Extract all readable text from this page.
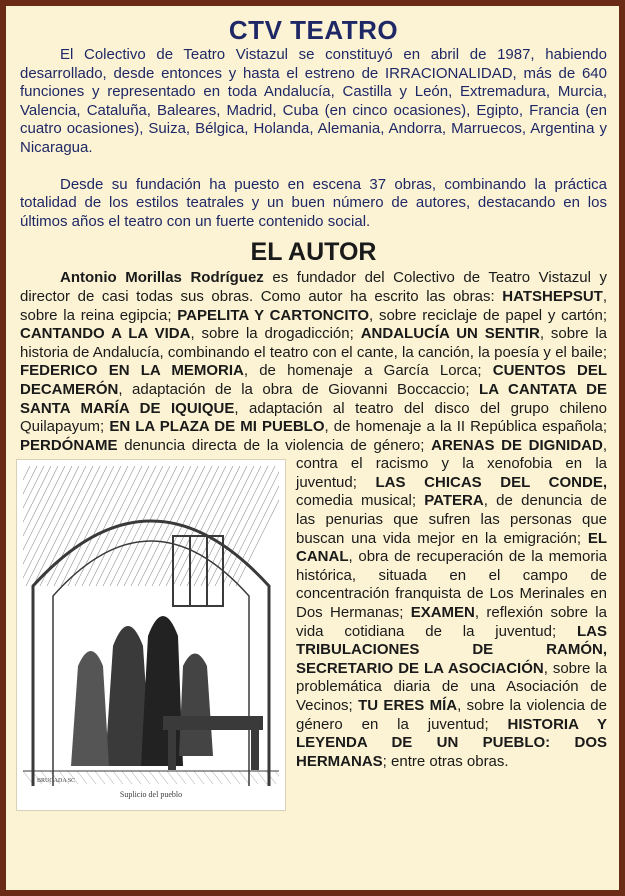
CTV TEATRO

El Colectivo de Teatro Vistazul se constituyó en abril de 1987, habiendo desarrollado, desde entonces y hasta el estreno de IRRACIONALIDAD, más de 640 funciones y representado en toda Andalucía, Castilla y León, Extremadura, Murcia, Valencia, Cataluña, Baleares, Madrid, Cuba (en cinco ocasiones), Egipto, Francia (en cuatro ocasiones), Suiza, Bélgica, Holanda, Alemania, Andorra, Marruecos, Argentina y Nicaragua.

Desde su fundación ha puesto en escena 37 obras, combinando la práctica totalidad de los estilos teatrales y un buen número de autores, destacando en los últimos años el teatro con un fuerte contenido social.

EL AUTOR

Antonio Morillas Rodríguez es fundador del Colectivo de Teatro Vistazul y director de casi todas sus obras. Como autor ha escrito las obras: HATSHEPSUT, sobre la reina egipcia; PAPELITA Y CARTONCITO, sobre reciclaje de papel y cartón; CANTANDO A LA VIDA, sobre la drogadicción; ANDALUCÍA UN SENTIR, sobre la historia de Andalucía, combinando el teatro con el cante, la canción, la poesía y el baile; FEDERICO EN LA MEMORIA, de homenaje a García Lorca; CUENTOS DEL DECAMERÓN, adaptación de la obra de Giovanni Boccaccio; LA CANTATA DE SANTA MARÍA DE IQUIQUE, adaptación al teatro del disco del grupo chileno Quilapayum; EN LA PLAZA DE MI PUEBLO, de homenaje a la II República española; PERDÓNAME denuncia directa de la violencia de género;
BRUGADA SC
Suplicio del pueblo
ARENAS DE DIGNIDAD, contra el racismo y la xenofobia en la juventud; LAS CHICAS DEL CONDE, comedia musical; PATERA, de denuncia de las penurias que sufren las personas que buscan una vida mejor en la emigración; EL CANAL, obra de recuperación de la memoria histórica, situada en el campo de concentración franquista de Los Merinales en Dos Hermanas; EXAMEN, reflexión sobre la vida cotidiana de la juventud; LAS TRIBULACIONES DE RAMÓN, SECRETARIO DE LA ASOCIACIÓN, sobre la problemática diaria de una Asociación de Vecinos; TU ERES MÍA, sobre la violencia de género en la juventud; HISTORIA Y LEYENDA DE UN PUEBLO: DOS HERMANAS; entre otras obras.
